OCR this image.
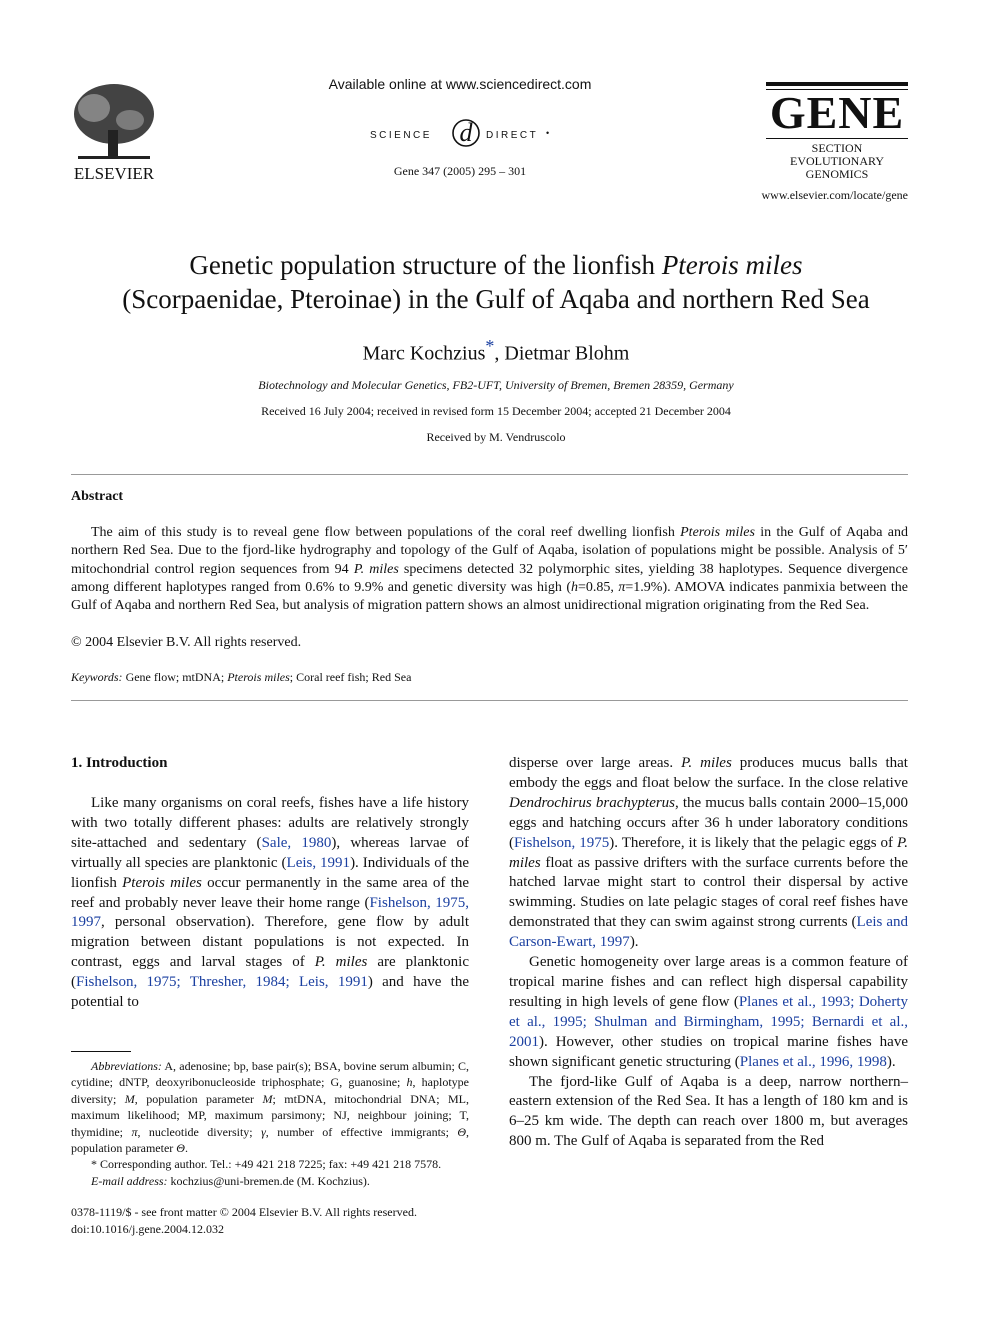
ELSEVIER
Available online at www.sciencedirect.com
SCIENCE d DIRECT •
Gene 347 (2005) 295 – 301
GENE
SECTION
EVOLUTIONARY GENOMICS
www.elsevier.com/locate/gene
Genetic population structure of the lionfish Pterois miles
(Scorpaenidae, Pteroinae) in the Gulf of Aqaba and northern Red Sea
Marc Kochzius*, Dietmar Blohm
Biotechnology and Molecular Genetics, FB2-UFT, University of Bremen, Bremen 28359, Germany
Received 16 July 2004; received in revised form 15 December 2004; accepted 21 December 2004
Received by M. Vendruscolo
Abstract

The aim of this study is to reveal gene flow between populations of the coral reef dwelling lionfish Pterois miles in the Gulf of Aqaba and northern Red Sea. Due to the fjord-like hydrography and topology of the Gulf of Aqaba, isolation of populations might be possible. Analysis of 5′ mitochondrial control region sequences from 94 P. miles specimens detected 32 polymorphic sites, yielding 38 haplotypes. Sequence divergence among different haplotypes ranged from 0.6% to 9.9% and genetic diversity was high (h=0.85, π=1.9%). AMOVA indicates panmixia between the Gulf of Aqaba and northern Red Sea, but analysis of migration pattern shows an almost unidirectional migration originating from the Red Sea.

© 2004 Elsevier B.V. All rights reserved.
Keywords: Gene flow; mtDNA; Pterois miles; Coral reef fish; Red Sea
1. Introduction

Like many organisms on coral reefs, fishes have a life history with two totally different phases: adults are relatively strongly site-attached and sedentary (Sale, 1980), whereas larvae of virtually all species are planktonic (Leis, 1991). Individuals of the lionfish Pterois miles occur permanently in the same area of the reef and probably never leave their home range (Fishelson, 1975, 1997, personal observation). Therefore, gene flow by adult migration between distant populations is not expected. In contrast, eggs and larval stages of P. miles are planktonic (Fishelson, 1975; Thresher, 1984; Leis, 1991) and have the potential to

Abbreviations: A, adenosine; bp, base pair(s); BSA, bovine serum albumin; C, cytidine; dNTP, deoxyribonucleoside triphosphate; G, guanosine; h, haplotype diversity; M, population parameter M; mtDNA, mitochondrial DNA; ML, maximum likelihood; MP, maximum parsimony; NJ, neighbour joining; T, thymidine; π, nucleotide diversity; γ, number of effective immigrants; Θ, population parameter Θ.

* Corresponding author. Tel.: +49 421 218 7225; fax: +49 421 218 7578.

E-mail address: kochzius@uni-bremen.de (M. Kochzius).

0378-1119/$ - see front matter © 2004 Elsevier B.V. All rights reserved.
doi:10.1016/j.gene.2004.12.032

disperse over large areas. P. miles produces mucus balls that embody the eggs and float below the surface. In the close relative Dendrochirus brachypterus, the mucus balls contain 2000–15,000 eggs and hatching occurs after 36 h under laboratory conditions (Fishelson, 1975). Therefore, it is likely that the pelagic eggs of P. miles float as passive drifters with the surface currents before the hatched larvae might start to control their dispersal by active swimming. Studies on late pelagic stages of coral reef fishes have demonstrated that they can swim against strong currents (Leis and Carson-Ewart, 1997).

Genetic homogeneity over large areas is a common feature of tropical marine fishes and can reflect high dispersal capability resulting in high levels of gene flow (Planes et al., 1993; Doherty et al., 1995; Shulman and Birmingham, 1995; Bernardi et al., 2001). However, other studies on tropical marine fishes have shown significant genetic structuring (Planes et al., 1996, 1998).

The fjord-like Gulf of Aqaba is a deep, narrow northern–eastern extension of the Red Sea. It has a length of 180 km and is 6–25 km wide. The depth can reach over 1800 m, but averages 800 m. The Gulf of Aqaba is separated from the Red
